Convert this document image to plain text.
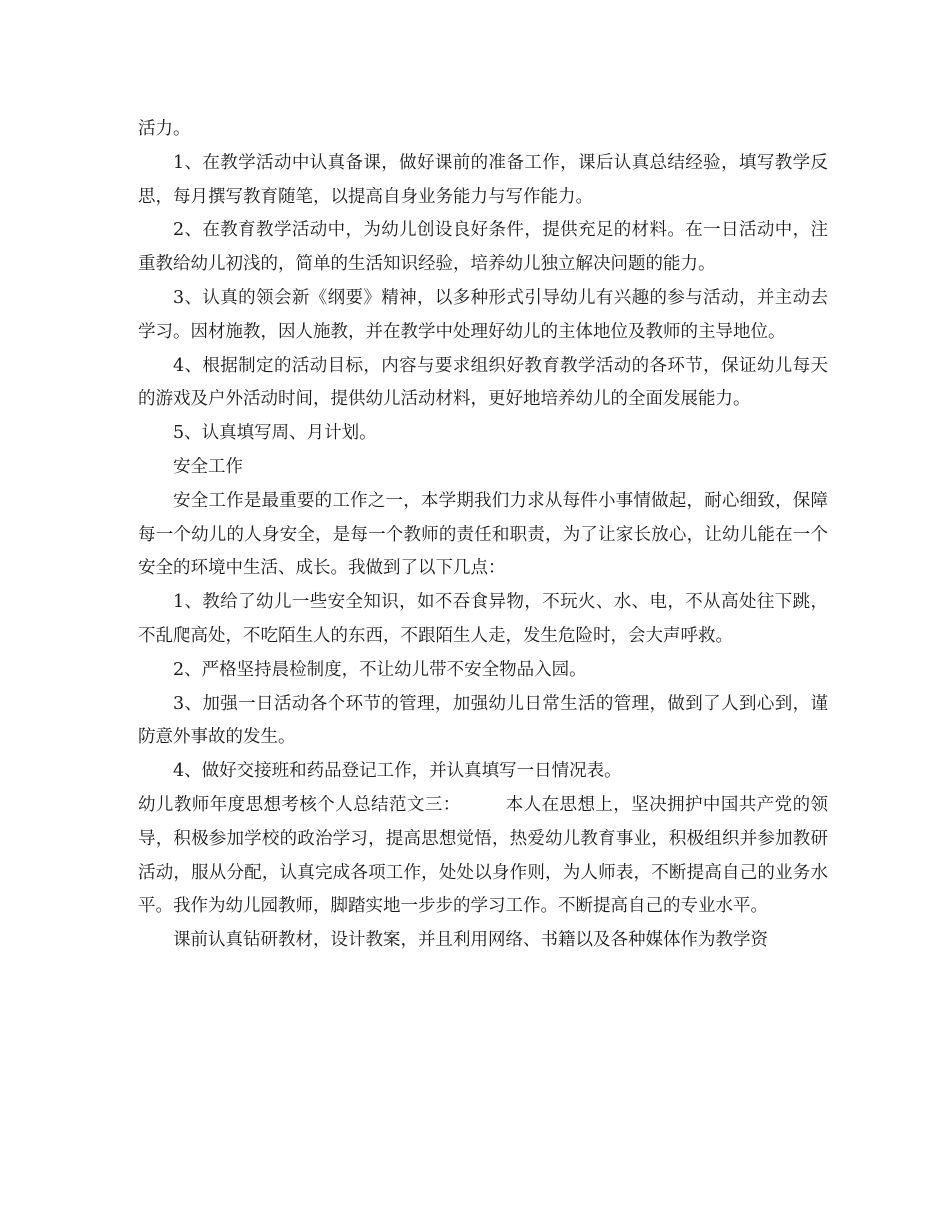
活力。

1、在教学活动中认真备课，做好课前的准备工作，课后认真总结经验，填写教学反思，每月撰写教育随笔，以提高自身业务能力与写作能力。

2、在教育教学活动中，为幼儿创设良好条件，提供充足的材料。在一日活动中，注重教给幼儿初浅的，简单的生活知识经验，培养幼儿独立解决问题的能力。

3、认真的领会新《纲要》精神，以多种形式引导幼儿有兴趣的参与活动，并主动去学习。因材施教，因人施教，并在教学中处理好幼儿的主体地位及教师的主导地位。

4、根据制定的活动目标，内容与要求组织好教育教学活动的各环节，保证幼儿每天的游戏及户外活动时间，提供幼儿活动材料，更好地培养幼儿的全面发展能力。

5、认真填写周、月计划。

安全工作

安全工作是最重要的工作之一，本学期我们力求从每件小事情做起，耐心细致，保障每一个幼儿的人身安全，是每一个教师的责任和职责，为了让家长放心，让幼儿能在一个安全的环境中生活、成长。我做到了以下几点：

1、教给了幼儿一些安全知识，如不吞食异物，不玩火、水、电，不从高处往下跳，不乱爬高处，不吃陌生人的东西，不跟陌生人走，发生危险时，会大声呼救。

2、严格坚持晨检制度，不让幼儿带不安全物品入园。

3、加强一日活动各个环节的管理，加强幼儿日常生活的管理，做到了人到心到，谨防意外事故的发生。

4、做好交接班和药品登记工作，并认真填写一日情况表。

幼儿教师年度思想考核个人总结范文三：　　　本人在思想上，坚决拥护中国共产党的领导，积极参加学校的政治学习，提高思想觉悟，热爱幼儿教育事业，积极组织并参加教研活动，服从分配，认真完成各项工作，处处以身作则，为人师表，不断提高自己的业务水平。我作为幼儿园教师，脚踏实地一步步的学习工作。不断提高自己的专业水平。

课前认真钻研教材，设计教案，并且利用网络、书籍以及各种媒体作为教学资
